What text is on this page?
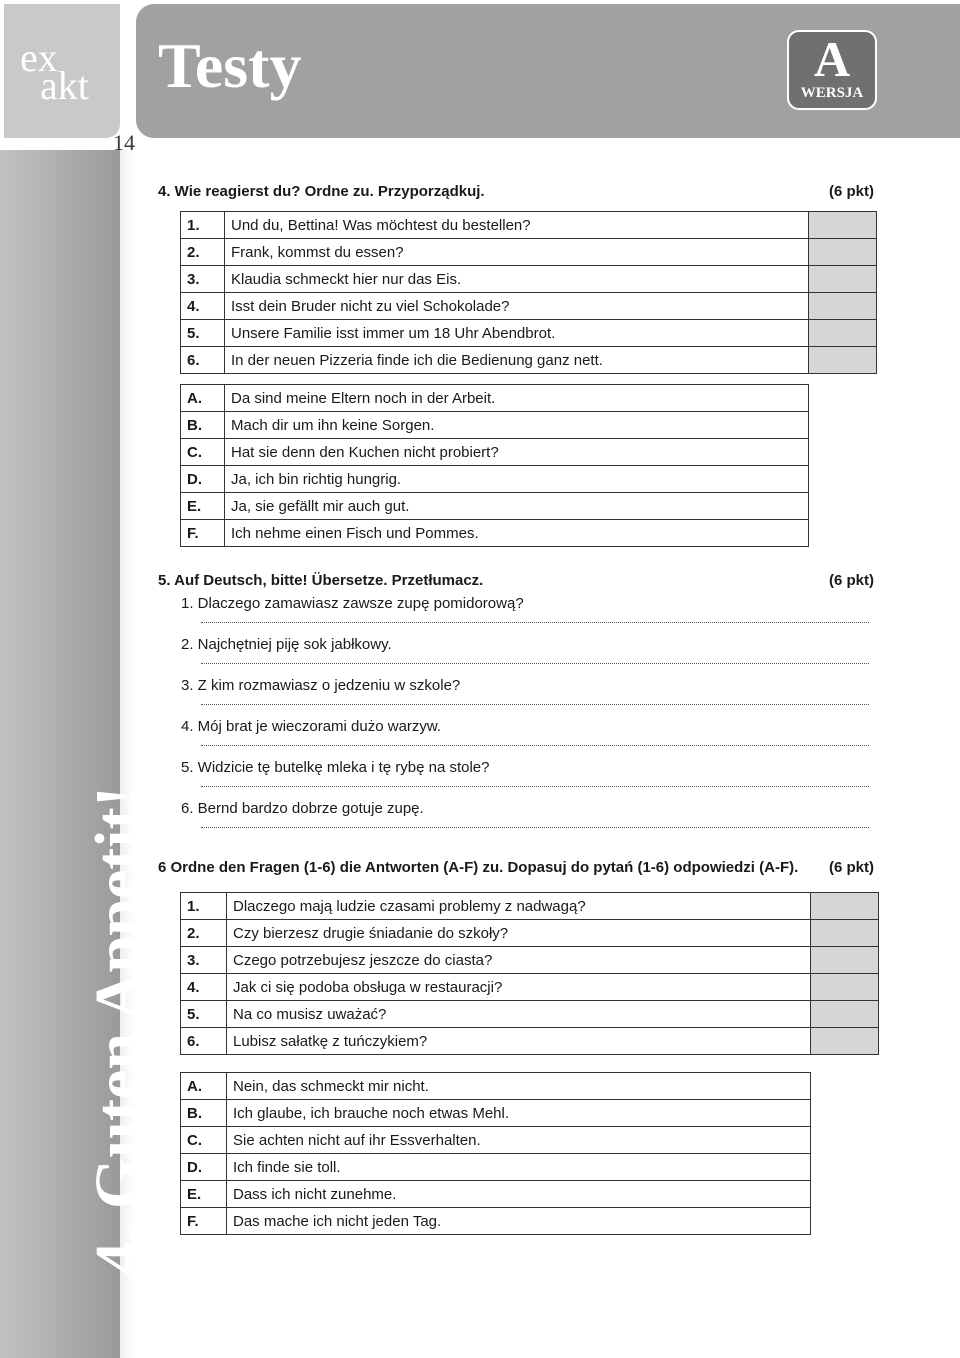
ex
akt
14
Testy	A
WERSJA
4. Guten Appetit!
4. Wie reagierst du? Ordne zu. Przyporządkuj.	(6 pkt)
1.	Und du, Bettina! Was möchtest du bestellen?	
2.	Frank, kommst du essen?	
3.	Klaudia schmeckt hier nur das Eis.	
4.	Isst dein Bruder nicht zu viel Schokolade?	
5.	Unsere Familie isst immer um 18 Uhr Abendbrot.	
6.	In der neuen Pizzeria finde ich die Bedienung ganz nett.	
A.	Da sind meine Eltern noch in der Arbeit.
B.	Mach dir um ihn keine Sorgen.
C.	Hat sie denn den Kuchen nicht probiert?
D.	Ja, ich bin richtig hungrig.
E.	Ja, sie gefällt mir auch gut.
F.	Ich nehme einen Fisch und Pommes.
5. Auf Deutsch, bitte! Übersetze. Przetłumacz.	(6 pkt)
1. Dlaczego zamawiasz zawsze zupę pomidorową?
2. Najchętniej piję sok jabłkowy.
3. Z kim rozmawiasz o jedzeniu w szkole?
4. Mój brat je wieczorami dużo warzyw.
5. Widzicie tę butelkę mleka i tę rybę na stole?
6. Bernd bardzo dobrze gotuje zupę.
6 Ordne den Fragen (1-6) die Antworten (A-F) zu. Dopasuj do pytań (1-6) odpowiedzi (A-F). (6 pkt)
1.	Dlaczego mają ludzie czasami problemy z nadwagą?	
2.	Czy bierzesz drugie śniadanie do szkoły?	
3.	Czego potrzebujesz jeszcze do ciasta?	
4.	Jak ci się podoba obsługa w restauracji?	
5.	Na co musisz uważać?	
6.	Lubisz sałatkę z tuńczykiem?	
A.	Nein, das schmeckt mir nicht.
B.	Ich glaube, ich brauche noch etwas Mehl.
C.	Sie achten nicht auf ihr Essverhalten.
D.	Ich finde sie toll.
E.	Dass ich nicht zunehme.
F.	Das mache ich nicht jeden Tag.
